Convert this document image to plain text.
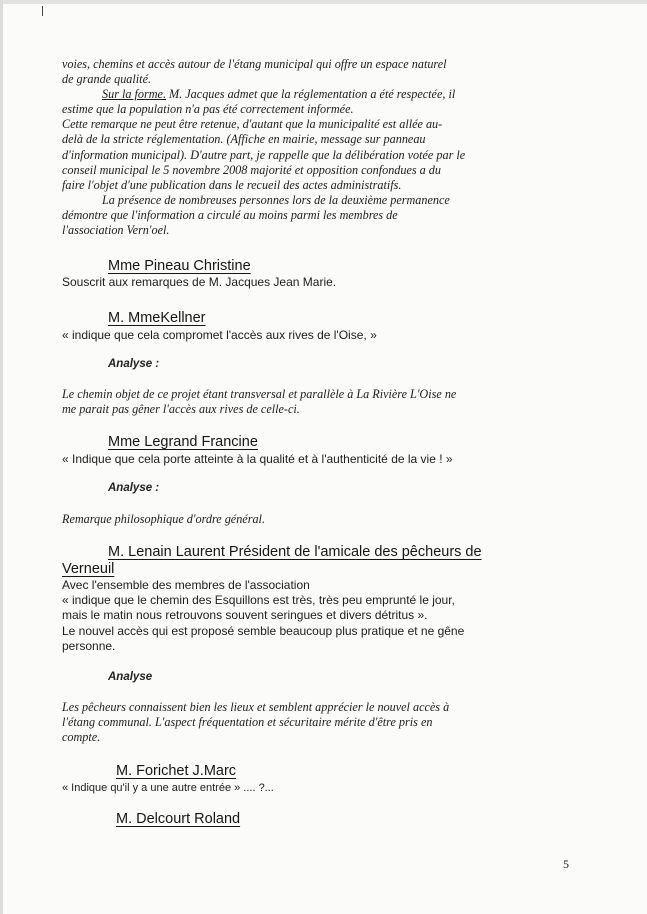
voies, chemins et accès autour de l'étang municipal qui offre un espace naturel
de grande qualité.
Sur la forme. M. Jacques admet que la réglementation a été respectée, il
estime que la population n'a pas été correctement informée.
Cette remarque ne peut être retenue, d'autant que la municipalité est allée au-
delà de la stricte réglementation. (Affiche en mairie, message sur panneau
d'information municipal). D'autre part, je rappelle que la délibération votée par le
conseil municipal le 5 novembre 2008 majorité et opposition confondues a du
faire l'objet d'une publication dans le recueil des actes administratifs.
La présence de nombreuses personnes lors de la deuxième permanence
démontre que l'information a circulé au moins parmi les membres de
l'association Vern'oel.

Mme Pineau Christine

Souscrit aux remarques de M. Jacques Jean Marie.

M. MmeKellner

« indique que cela compromet l'accès aux rives de l'Oise, »

Analyse :

Le chemin objet de ce projet étant transversal et parallèle à La Rivière L'Oise ne
me parait pas gêner l'accès aux rives de celle-ci.

Mme Legrand Francine

« Indique que cela porte atteinte à la qualité et à l'authenticité de la vie ! »

Analyse :

Remarque philosophique d'ordre général.

M. Lenain Laurent Président de l'amicale des pêcheurs de

Verneuil

Avec l'ensemble des membres de l'association
« indique que le chemin des Esquillons est très, très peu emprunté le jour,
mais le matin nous retrouvons souvent seringues et divers détritus ».
Le nouvel accès qui est proposé semble beaucoup plus pratique et ne gêne
personne.

Analyse

Les pêcheurs connaissent bien les lieux et semblent apprécier le nouvel accès à
l'étang communal. L'aspect fréquentation et sécuritaire mérite d'être pris en
compte.

M. Forichet J.Marc

« Indique qu'il y a une autre entrée » .... ?...

M. Delcourt Roland

5
